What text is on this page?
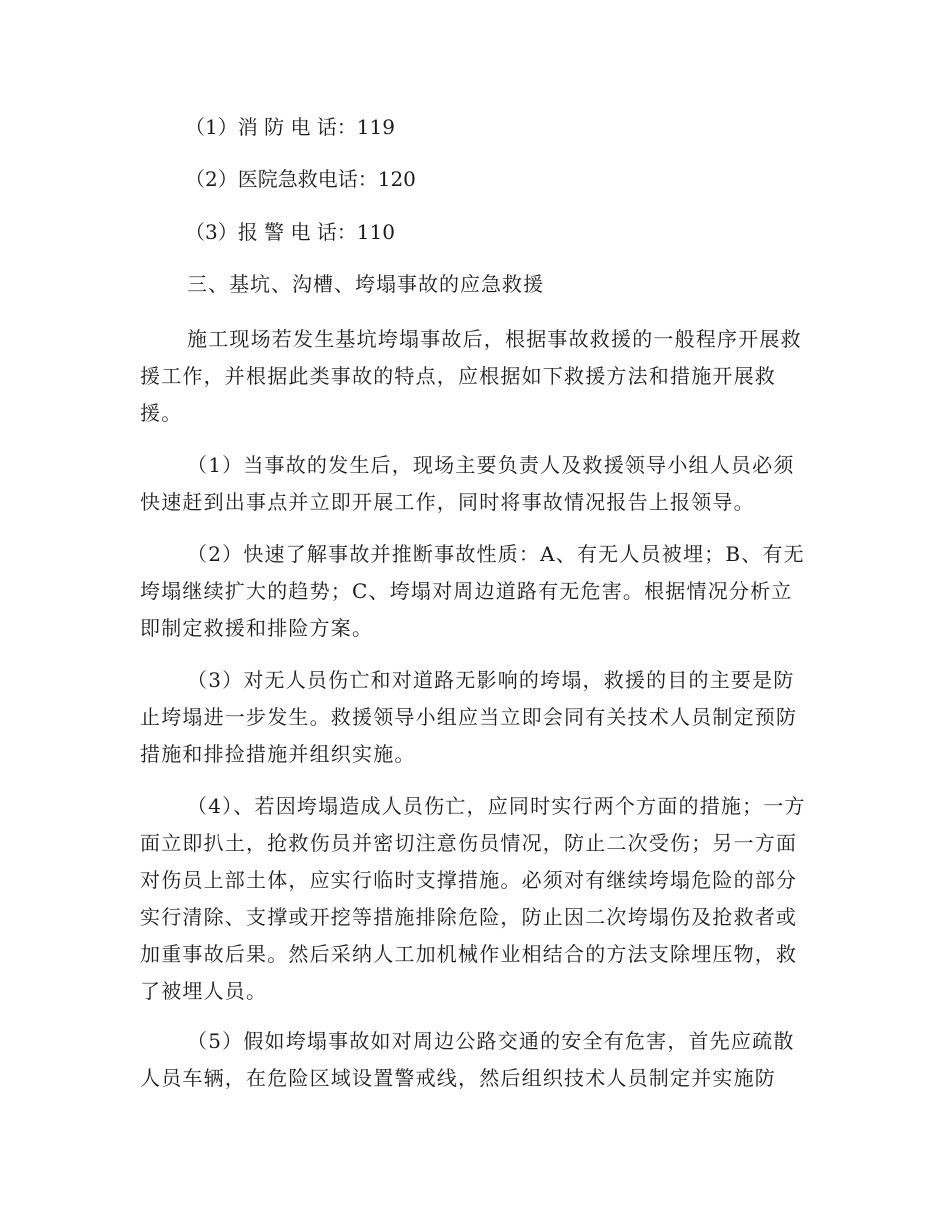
（1）消 防 电 话：119
（2）医院急救电话：120
（3）报 警 电 话：110
三、基坑、沟槽、垮塌事故的应急救援
施工现场若发生基坑垮塌事故后，根据事故救援的一般程序开展救援工作，并根据此类事故的特点，应根据如下救援方法和措施开展救援。
（1）当事故的发生后，现场主要负责人及救援领导小组人员必须快速赶到出事点并立即开展工作，同时将事故情况报告上报领导。
（2）快速了解事故并推断事故性质：A、有无人员被埋；B、有无垮塌继续扩大的趋势；C、垮塌对周边道路有无危害。根据情况分析立即制定救援和排险方案。
（3）对无人员伤亡和对道路无影响的垮塌，救援的目的主要是防止垮塌进一步发生。救援领导小组应当立即会同有关技术人员制定预防措施和排捡措施并组织实施。
（4）、若因垮塌造成人员伤亡，应同时实行两个方面的措施；一方面立即扒土，抢救伤员并密切注意伤员情况，防止二次受伤；另一方面对伤员上部土体，应实行临时支撑措施。必须对有继续垮塌危险的部分实行清除、支撑或开挖等措施排除危险，防止因二次垮塌伤及抢救者或加重事故后果。然后采纳人工加机械作业相结合的方法支除埋压物，救了被埋人员。
（5）假如垮塌事故如对周边公路交通的安全有危害，首先应疏散人员车辆，在危险区域设置警戒线，然后组织技术人员制定并实施防
